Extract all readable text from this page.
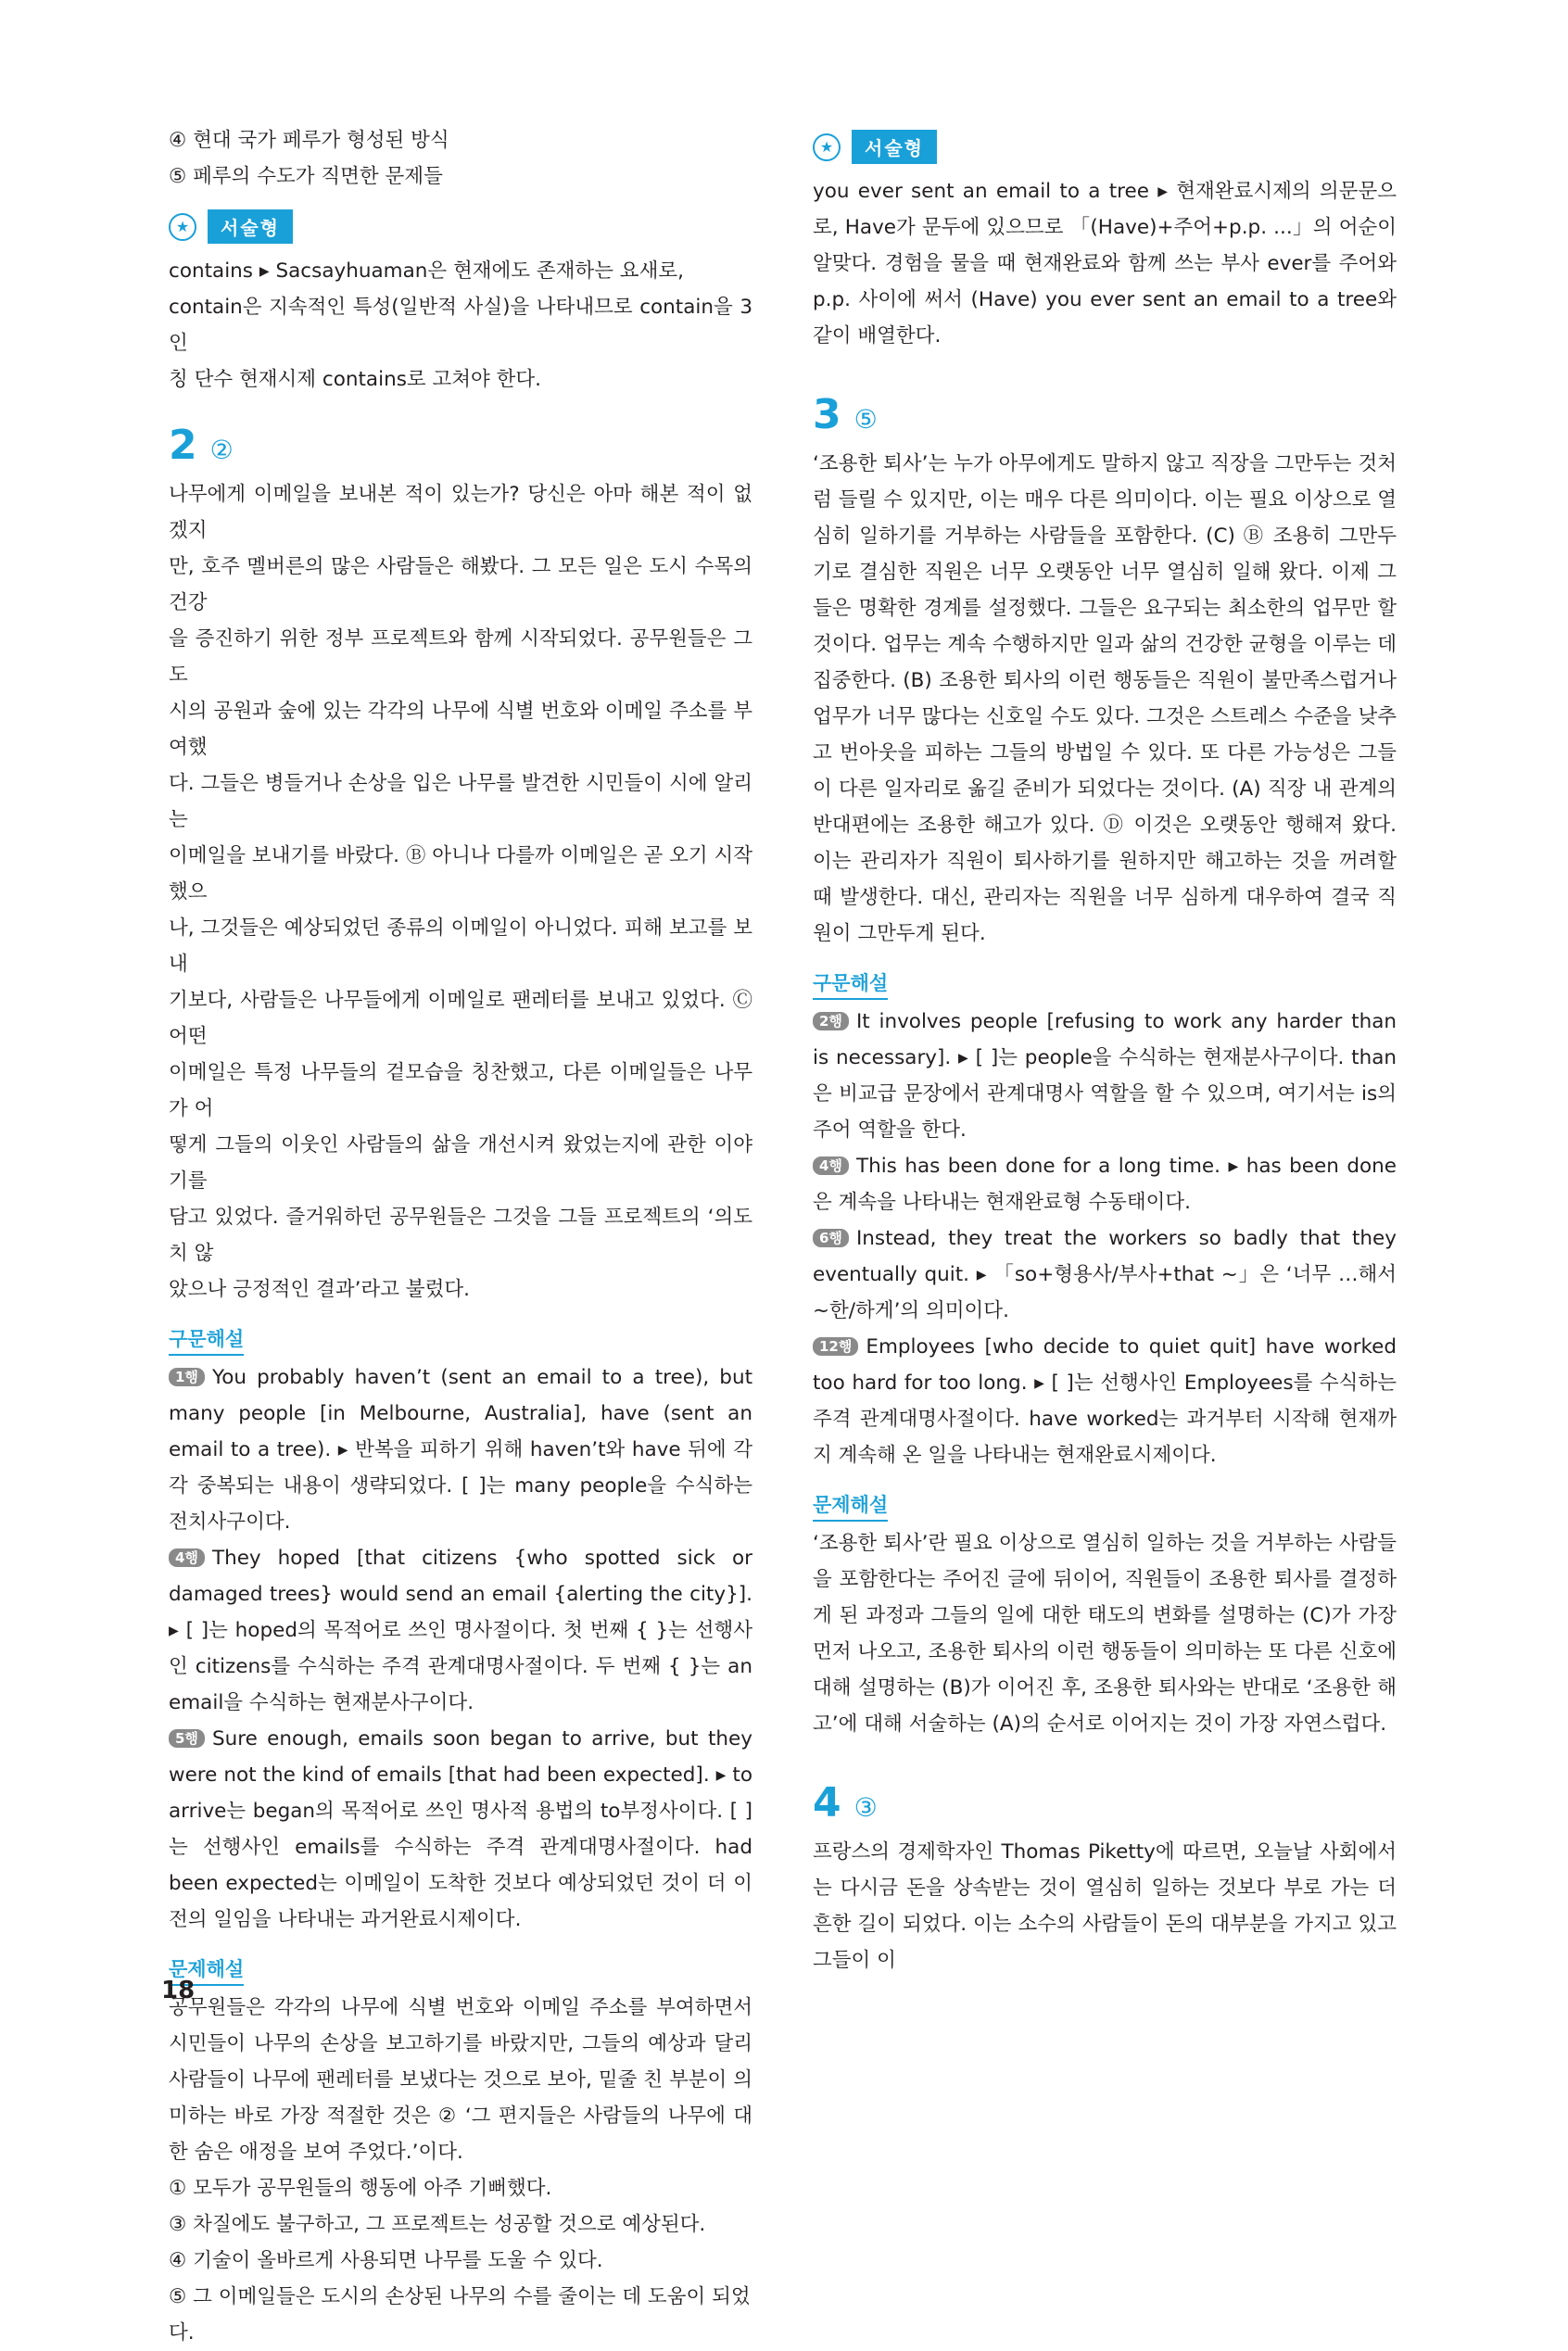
④ 현대 국가 페루가 형성된 방식

⑤ 페루의 수도가 직면한 문제들

★	서술형

contains ▸ Sacsayhuaman은 현재에도 존재하는 요새로,

contain은 지속적인 특성(일반적 사실)을 나타내므로 contain을 3인

칭 단수 현재시제 contains로 고쳐야 한다.

2 ②

나무에게 이메일을 보내본 적이 있는가? 당신은 아마 해본 적이 없겠지

만, 호주 멜버른의 많은 사람들은 해봤다. 그 모든 일은 도시 수목의 건강

을 증진하기 위한 정부 프로젝트와 함께 시작되었다. 공무원들은 그 도

시의 공원과 숲에 있는 각각의 나무에 식별 번호와 이메일 주소를 부여했

다. 그들은 병들거나 손상을 입은 나무를 발견한 시민들이 시에 알리는

이메일을 보내기를 바랐다. Ⓑ 아니나 다를까 이메일은 곧 오기 시작했으

나, 그것들은 예상되었던 종류의 이메일이 아니었다. 피해 보고를 보내

기보다, 사람들은 나무들에게 이메일로 팬레터를 보내고 있었다. Ⓒ 어떤

이메일은 특정 나무들의 겉모습을 칭찬했고, 다른 이메일들은 나무가 어

떻게 그들의 이웃인 사람들의 삶을 개선시켜 왔었는지에 관한 이야기를

담고 있었다. 즐거워하던 공무원들은 그것을 그들 프로젝트의 ‘의도치 않

았으나 긍정적인 결과’라고 불렀다.

구문해설

1행 You probably haven’t (sent an email to a tree), but many people [in Melbourne, Australia], have (sent an email to a tree). ▸ 반복을 피하기 위해 haven’t와 have 뒤에 각각 중복되는 내용이 생략되었다. [ ]는 many people을 수식하는 전치사구이다.

4행 They hoped [that citizens {who spotted sick or damaged trees} would send an email {alerting the city}]. ▸ [ ]는 hoped의 목적어로 쓰인 명사절이다. 첫 번째 { }는 선행사인 citizens를 수식하는 주격 관계대명사절이다. 두 번째 { }는 an email을 수식하는 현재분사구이다.

5행 Sure enough, emails soon began to arrive, but they were not the kind of emails [that had been expected]. ▸ to arrive는 began의 목적어로 쓰인 명사적 용법의 to부정사이다. [ ]는 선행사인 emails를 수식하는 주격 관계대명사절이다. had been expected는 이메일이 도착한 것보다 예상되었던 것이 더 이전의 일임을 나타내는 과거완료시제이다.

문제해설

공무원들은 각각의 나무에 식별 번호와 이메일 주소를 부여하면서 시민들이 나무의 손상을 보고하기를 바랐지만, 그들의 예상과 달리 사람들이 나무에 팬레터를 보냈다는 것으로 보아, 밑줄 친 부분이 의미하는 바로 가장 적절한 것은 ② ‘그 편지들은 사람들의 나무에 대한 숨은 애정을 보여 주었다.’이다.

① 모두가 공무원들의 행동에 아주 기뻐했다.

③ 차질에도 불구하고, 그 프로젝트는 성공할 것으로 예상된다.

④ 기술이 올바르게 사용되면 나무를 도울 수 있다.

⑤ 그 이메일들은 도시의 손상된 나무의 수를 줄이는 데 도움이 되었다.

★	서술형

you ever sent an email to a tree ▸ 현재완료시제의 의문문으로, Have가 문두에 있으므로 「(Have)+주어+p.p. ...」의 어순이 알맞다. 경험을 물을 때 현재완료와 함께 쓰는 부사 ever를 주어와 p.p. 사이에 써서 (Have) you ever sent an email to a tree와 같이 배열한다.

3 ⑤

‘조용한 퇴사’는 누가 아무에게도 말하지 않고 직장을 그만두는 것처럼 들릴 수 있지만, 이는 매우 다른 의미이다. 이는 필요 이상으로 열심히 일하기를 거부하는 사람들을 포함한다. (C) Ⓑ 조용히 그만두기로 결심한 직원은 너무 오랫동안 너무 열심히 일해 왔다. 이제 그들은 명확한 경계를 설정했다. 그들은 요구되는 최소한의 업무만 할 것이다. 업무는 계속 수행하지만 일과 삶의 건강한 균형을 이루는 데 집중한다. (B) 조용한 퇴사의 이런 행동들은 직원이 불만족스럽거나 업무가 너무 많다는 신호일 수도 있다. 그것은 스트레스 수준을 낮추고 번아웃을 피하는 그들의 방법일 수 있다. 또 다른 가능성은 그들이 다른 일자리로 옮길 준비가 되었다는 것이다. (A) 직장 내 관계의 반대편에는 조용한 해고가 있다. Ⓓ 이것은 오랫동안 행해져 왔다. 이는 관리자가 직원이 퇴사하기를 원하지만 해고하는 것을 꺼려할 때 발생한다. 대신, 관리자는 직원을 너무 심하게 대우하여 결국 직원이 그만두게 된다.

구문해설

2행 It involves people [refusing to work any harder than is necessary]. ▸ [ ]는 people을 수식하는 현재분사구이다. than은 비교급 문장에서 관계대명사 역할을 할 수 있으며, 여기서는 is의 주어 역할을 한다.

4행 This has been done for a long time. ▸ has been done은 계속을 나타내는 현재완료형 수동태이다.

6행 Instead, they treat the workers so badly that they eventually quit. ▸ 「so+형용사/부사+that ~」은 ‘너무 …해서 ~한/하게’의 의미이다.

12행 Employees [who decide to quiet quit] have worked too hard for too long. ▸ [ ]는 선행사인 Employees를 수식하는 주격 관계대명사절이다. have worked는 과거부터 시작해 현재까지 계속해 온 일을 나타내는 현재완료시제이다.

문제해설

‘조용한 퇴사’란 필요 이상으로 열심히 일하는 것을 거부하는 사람들을 포함한다는 주어진 글에 뒤이어, 직원들이 조용한 퇴사를 결정하게 된 과정과 그들의 일에 대한 태도의 변화를 설명하는 (C)가 가장 먼저 나오고, 조용한 퇴사의 이런 행동들이 의미하는 또 다른 신호에 대해 설명하는 (B)가 이어진 후, 조용한 퇴사와는 반대로 ‘조용한 해고’에 대해 서술하는 (A)의 순서로 이어지는 것이 가장 자연스럽다.

4 ③

프랑스의 경제학자인 Thomas Piketty에 따르면, 오늘날 사회에서는 다시금 돈을 상속받는 것이 열심히 일하는 것보다 부로 가는 더 흔한 길이 되었다. 이는 소수의 사람들이 돈의 대부분을 가지고 있고 그들이 이

18
